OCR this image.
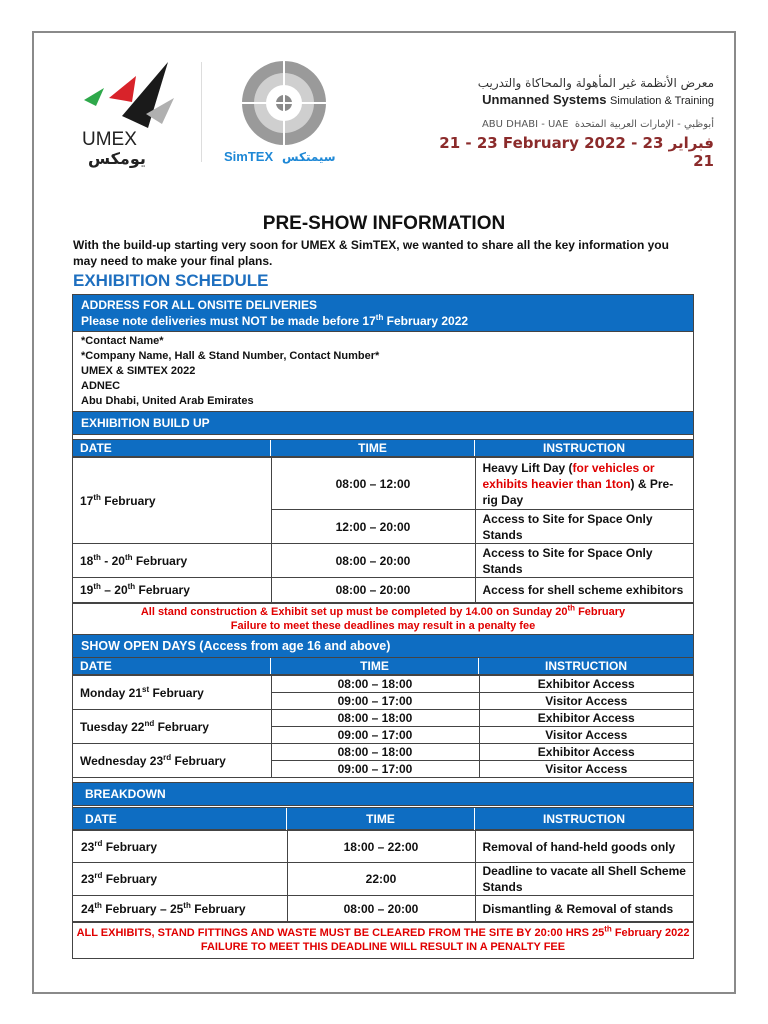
UMEX
يومكس	SimTEX سيمتكس
معرض الأنظمة غير المأهولة والمحاكاة والتدريب
Unmanned Systems Simulation & Training
ABU DHABI - UAE أبوظبي - الإمارات العربية المتحدة
21 - 23 February 2022 فبراير 23 - 21
PRE-SHOW INFORMATION
With the build-up starting very soon for UMEX & SimTEX, we wanted to share all the key information you may need to make your final plans.
EXHIBITION SCHEDULE
ADDRESS FOR ALL ONSITE DELIVERIES
Please note deliveries must NOT be made before 17th February 2022
*Contact Name*
*Company Name, Hall & Stand Number, Contact Number*
UMEX & SIMTEX 2022
ADNEC
Abu Dhabi, United Arab Emirates
EXHIBITION BUILD UP
DATE	TIME	INSTRUCTION
17th February	08:00 – 12:00	Heavy Lift Day (for vehicles or exhibits heavier than 1ton) & Pre-rig Day
	12:00 – 20:00	Access to Site for Space Only Stands
18th - 20th February	08:00 – 20:00	Access to Site for Space Only Stands
19th – 20th February	08:00 – 20:00	Access for shell scheme exhibitors
All stand construction & Exhibit set up must be completed by 14.00 on Sunday 20th February
Failure to meet these deadlines may result in a penalty fee
SHOW OPEN DAYS (Access from age 16 and above)
DATE	TIME	INSTRUCTION
Monday 21st February	08:00 – 18:00	Exhibitor Access
	09:00 – 17:00	Visitor Access
Tuesday 22nd February	08:00 – 18:00	Exhibitor Access
	09:00 – 17:00	Visitor Access
Wednesday 23rd February	08:00 – 18:00	Exhibitor Access
	09:00 – 17:00	Visitor Access
BREAKDOWN
DATE	TIME	INSTRUCTION
23rd February	18:00 – 22:00	Removal of hand-held goods only
23rd February	22:00	Deadline to vacate all Shell Scheme Stands
24th February – 25th February	08:00 – 20:00	Dismantling & Removal of stands
ALL EXHIBITS, STAND FITTINGS AND WASTE MUST BE CLEARED FROM THE SITE BY 20:00 HRS 25th February 2022
FAILURE TO MEET THIS DEADLINE WILL RESULT IN A PENALTY FEE
